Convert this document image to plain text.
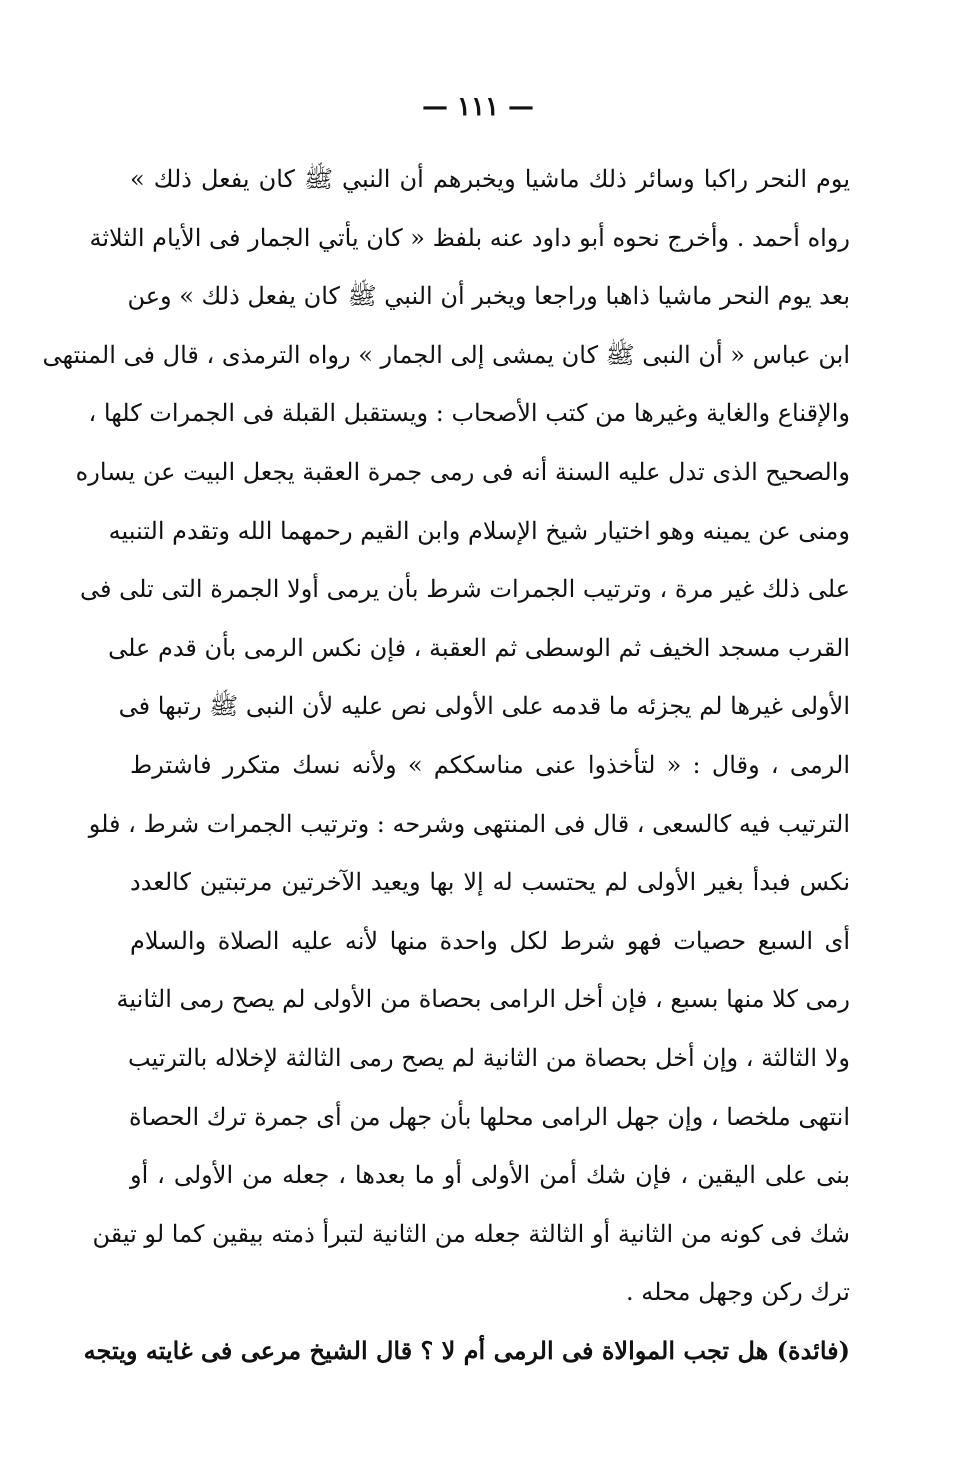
— ١١١ —
يوم النحر راكبا وسائر ذلك ماشيا ويخبرهم أن النبي ﷺ كان يفعل ذلك »
رواه أحمد . وأخرج نحوه أبو داود عنه بلفظ « كان يأتي الجمار فى الأيام الثلاثة
بعد يوم النحر ماشيا ذاهبا وراجعا ويخبر أن النبي ﷺ كان يفعل ذلك » وعن
ابن عباس « أن النبى ﷺ كان يمشى إلى الجمار » رواه الترمذى ، قال فى المنتهى
والإقناع والغاية وغيرها من كتب الأصحاب : ويستقبل القبلة فى الجمرات كلها ،
والصحيح الذى تدل عليه السنة أنه فى رمى جمرة العقبة يجعل البيت عن يساره
ومنى عن يمينه وهو اختيار شيخ الإسلام وابن القيم رحمهما الله وتقدم التنبيه
على ذلك غير مرة ، وترتيب الجمرات شرط بأن يرمى أولا الجمرة التى تلى فى
القرب مسجد الخيف ثم الوسطى ثم العقبة ، فإن نكس الرمى بأن قدم على
الأولى غيرها لم يجزئه ما قدمه على الأولى نص عليه لأن النبى ﷺ رتبها فى
الرمى ، وقال : « لتأخذوا عنى مناسككم » ولأنه نسك متكرر فاشترط
الترتيب فيه كالسعى ، قال فى المنتهى وشرحه : وترتيب الجمرات شرط ، فلو
نكس فبدأ بغير الأولى لم يحتسب له إلا بها ويعيد الآخرتين مرتبتين كالعدد
أى السبع حصيات فهو شرط لكل واحدة منها لأنه عليه الصلاة والسلام
رمى كلا منها بسبع ، فإن أخل الرامى بحصاة من الأولى لم يصح رمى الثانية
ولا الثالثة ، وإن أخل بحصاة من الثانية لم يصح رمى الثالثة لإخلاله بالترتيب
انتهى ملخصا ، وإن جهل الرامى محلها بأن جهل من أى جمرة ترك الحصاة
بنى على اليقين ، فإن شك أمن الأولى أو ما بعدها ، جعله من الأولى ، أو
شك فى كونه من الثانية أو الثالثة جعله من الثانية لتبرأ ذمته بيقين كما لو تيقن
ترك ركن وجهل محله .
(فائدة) هل تجب الموالاة فى الرمى أم لا ؟ قال الشيخ مرعى فى غايته ويتجه
